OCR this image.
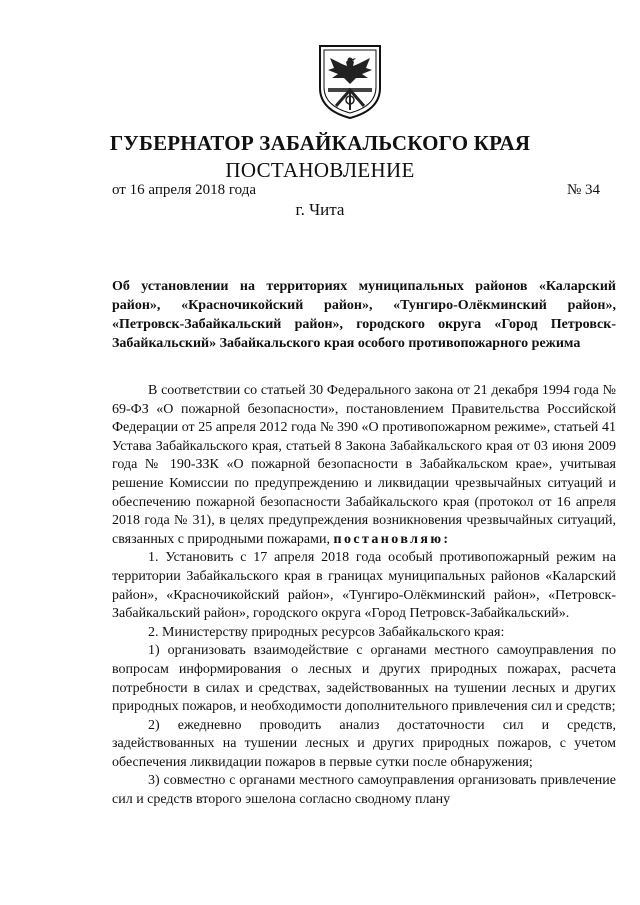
ГУБЕРНАТОР ЗАБАЙКАЛЬСКОГО КРАЯ
ПОСТАНОВЛЕНИЕ
от 16 апреля 2018 года	№ 34
г. Чита
Об установлении на территориях муниципальных районов «Каларский район», «Красночикойский район», «Тунгиро-Олёкминский район», «Петровск-Забайкальский район», городского округа «Город Петровск-Забайкальский» Забайкальского края особого противопожарного режима

В соответствии со статьей 30 Федерального закона от 21 декабря 1994 года № 69-ФЗ «О пожарной безопасности», постановлением Правительства Российской Федерации от 25 апреля 2012 года № 390 «О противопожарном режиме», статьей 41 Устава Забайкальского края, статьей 8 Закона Забайкальского края от 03 июня 2009 года № 190-ЗЗК «О пожарной безопасности в Забайкальском крае», учитывая решение Комиссии по предупреждению и ликвидации чрезвычайных ситуаций и обеспечению пожарной безопасности Забайкальского края (протокол от 16 апреля 2018 года № 31), в целях предупреждения возникновения чрезвычайных ситуаций, связанных с природными пожарами, постановляю:

1. Установить с 17 апреля 2018 года особый противопожарный режим на территории Забайкальского края в границах муниципальных районов «Каларский район», «Красночикойский район», «Тунгиро-Олёкминский район», «Петровск-Забайкальский район», городского округа «Город Петровск-Забайкальский».

2. Министерству природных ресурсов Забайкальского края:

1) организовать взаимодействие с органами местного самоуправления по вопросам информирования о лесных и других природных пожарах, расчета потребности в силах и средствах, задействованных на тушении лесных и других природных пожаров, и необходимости дополнительного привлечения сил и средств;

2) ежедневно проводить анализ достаточности сил и средств, задействованных на тушении лесных и других природных пожаров, с учетом обеспечения ликвидации пожаров в первые сутки после обнаружения;

3) совместно с органами местного самоуправления организовать привлечение сил и средств второго эшелона согласно сводному плану
